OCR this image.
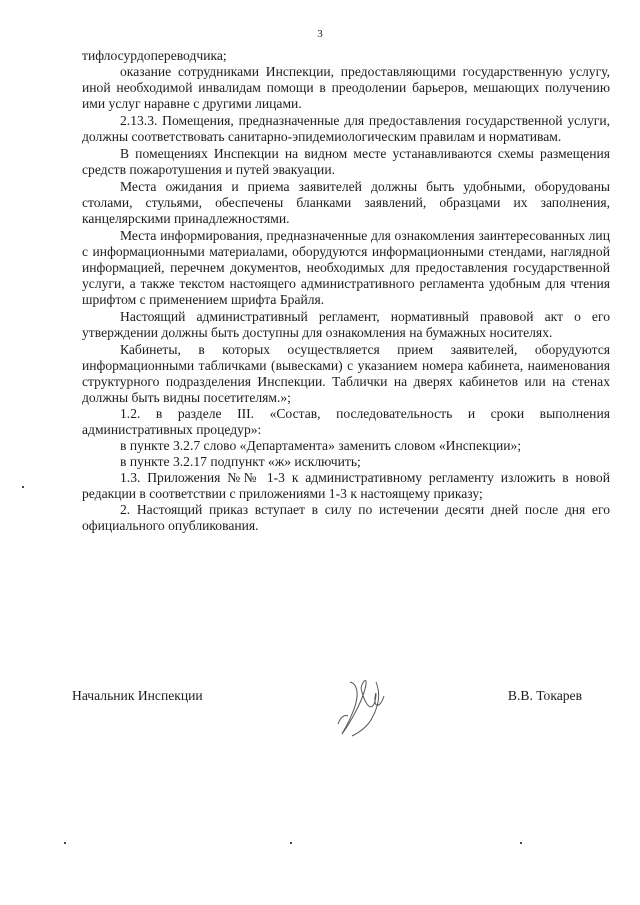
3

тифлосурдопереводчика;

оказание сотрудниками Инспекции, предоставляющими государственную услугу, иной необходимой инвалидам помощи в преодолении барьеров, мешающих получению ими услуг наравне с другими лицами.

2.13.3. Помещения, предназначенные для предоставления государственной услуги, должны соответствовать санитарно-эпидемиологическим правилам и нормативам.

В помещениях Инспекции на видном месте устанавливаются схемы размещения средств пожаротушения и путей эвакуации.

Места ожидания и приема заявителей должны быть удобными, оборудованы столами, стульями, обеспечены бланками заявлений, образцами их заполнения, канцелярскими принадлежностями.

Места информирования, предназначенные для ознакомления заинтересованных лиц с информационными материалами, оборудуются информационными стендами, наглядной информацией, перечнем документов, необходимых для предоставления государственной услуги, а также текстом настоящего административного регламента удобным для чтения шрифтом с применением шрифта Брайля.

Настоящий административный регламент, нормативный правовой акт о его утверждении должны быть доступны для ознакомления на бумажных носителях.

Кабинеты, в которых осуществляется прием заявителей, оборудуются информационными табличками (вывесками) с указанием номера кабинета, наименования структурного подразделения Инспекции. Таблички на дверях кабинетов или на стенах должны быть видны посетителям.»;

1.2. в разделе III. «Состав, последовательность и сроки выполнения административных процедур»:

в пункте 3.2.7 слово «Департамента» заменить словом «Инспекции»;

в пункте 3.2.17 подпункт «ж» исключить;

1.3. Приложения №№ 1-3 к административному регламенту изложить в новой редакции в соответствии с приложениями 1-3 к настоящему приказу;

2. Настоящий приказ вступает в силу по истечении десяти дней после дня его официального опубликования.

Начальник Инспекции	В.В. Токарев
